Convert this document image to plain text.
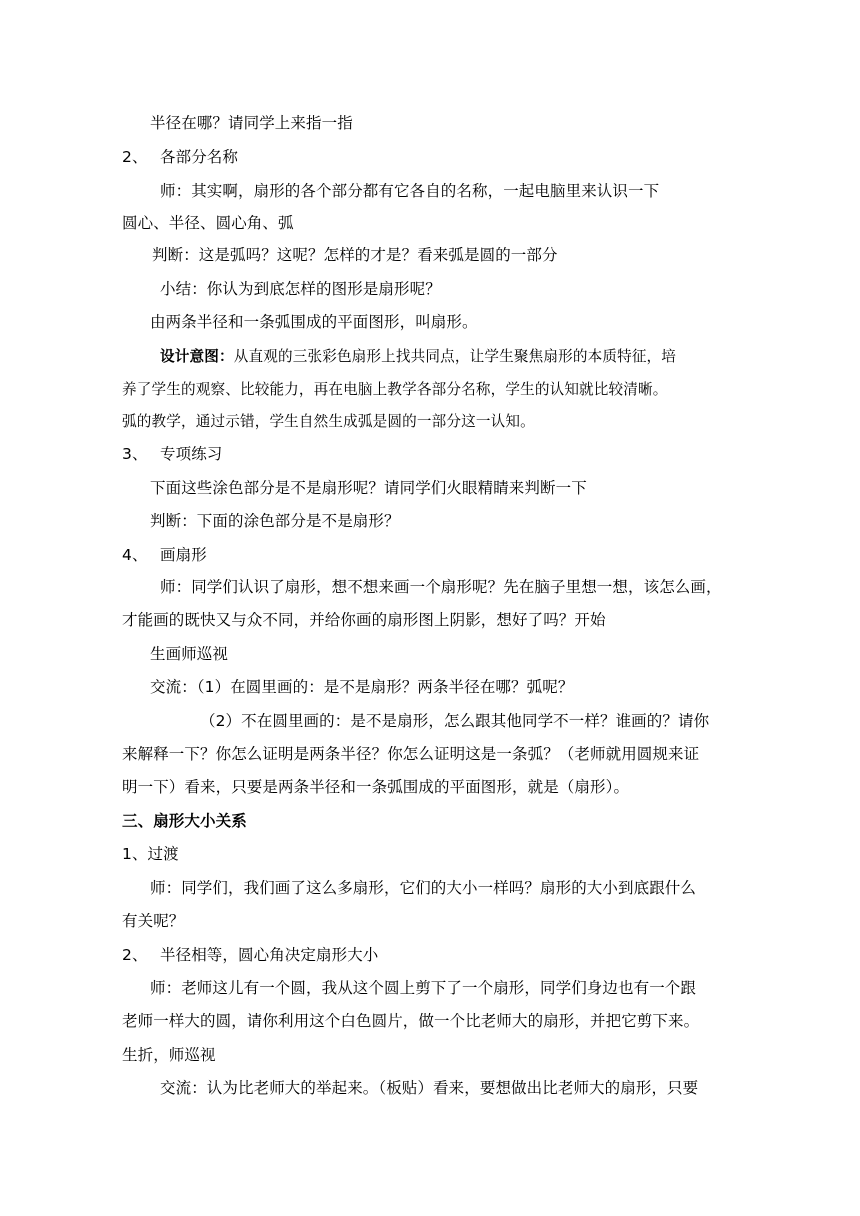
半径在哪？请同学上来指一指
2、 各部分名称
师：其实啊，扇形的各个部分都有它各自的名称，一起电脑里来认识一下
圆心、半径、圆心角、弧
判断：这是弧吗？这呢？怎样的才是？看来弧是圆的一部分
小结：你认为到底怎样的图形是扇形呢？
由两条半径和一条弧围成的平面图形，叫扇形。
设计意图：从直观的三张彩色扇形上找共同点，让学生聚焦扇形的本质特征，培
养了学生的观察、比较能力，再在电脑上教学各部分名称，学生的认知就比较清晰。
弧的教学，通过示错，学生自然生成弧是圆的一部分这一认知。
3、 专项练习
下面这些涂色部分是不是扇形呢？请同学们火眼精睛来判断一下
判断：下面的涂色部分是不是扇形？
4、 画扇形
师：同学们认识了扇形，想不想来画一个扇形呢？先在脑子里想一想，该怎么画，
才能画的既快又与众不同，并给你画的扇形图上阴影，想好了吗？开始
生画师巡视
交流：（1）在圆里画的：是不是扇形？两条半径在哪？弧呢？
（2）不在圆里画的：是不是扇形，怎么跟其他同学不一样？谁画的？请你
来解释一下？你怎么证明是两条半径？你怎么证明这是一条弧？（老师就用圆规来证
明一下）看来，只要是两条半径和一条弧围成的平面图形，就是（扇形）。
三、扇形大小关系
1、过渡
师：同学们，我们画了这么多扇形，它们的大小一样吗？扇形的大小到底跟什么
有关呢？
2、 半径相等，圆心角决定扇形大小
师：老师这儿有一个圆，我从这个圆上剪下了一个扇形，同学们身边也有一个跟
老师一样大的圆，请你利用这个白色圆片，做一个比老师大的扇形，并把它剪下来。
生折，师巡视
交流：认为比老师大的举起来。（板贴）看来，要想做出比老师大的扇形，只要
